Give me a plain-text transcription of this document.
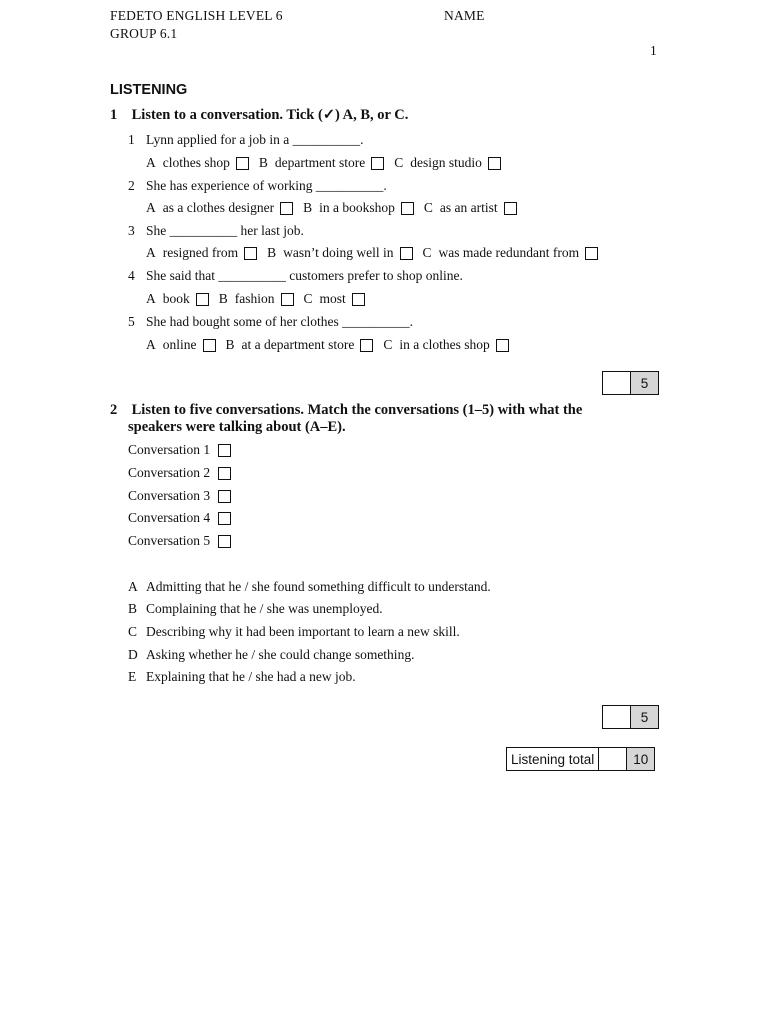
FEDETO ENGLISH LEVEL 6	NAME
GROUP 6.1
1
LISTENING
1 Listen to a conversation. Tick (✓) A, B, or C.
1 Lynn applied for a job in a __________.
A clothes shop B department store C design studio
2 She has experience of working __________.
A as a clothes designer B in a bookshop C as an artist
3 She __________ her last job.
A resigned from B wasn’t doing well in C was made redundant from
4 She said that __________ customers prefer to shop online.
A book B fashion C most
5 She had bought some of her clothes __________.
A online B at a department store C in a clothes shop
5
2 Listen to five conversations. Match the conversations (1–5) with what the
speakers were talking about (A–E).
Conversation 1
Conversation 2
Conversation 3
Conversation 4
Conversation 5
A Admitting that he / she found something difficult to understand.
B Complaining that he / she was unemployed.
C Describing why it had been important to learn a new skill.
D Asking whether he / she could change something.
E Explaining that he / she had a new job.
5
Listening total	10
